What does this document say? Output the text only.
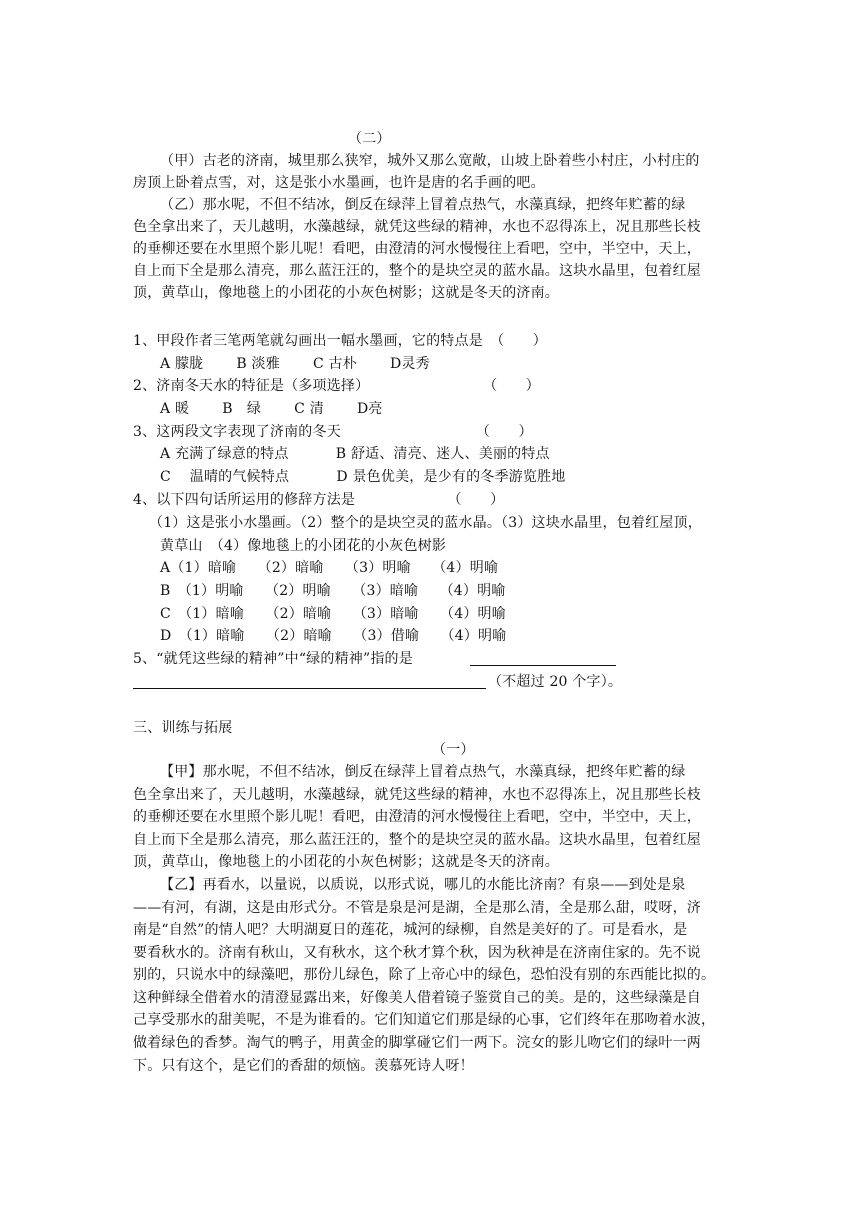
（二）
（甲）古老的济南，城里那么狭窄，城外又那么宽敞，山坡上卧着些小村庄，小村庄的
房顶上卧着点雪，对，这是张小水墨画，也许是唐的名手画的吧。
（乙）那水呢，不但不结冰，倒反在绿萍上冒着点热气，水藻真绿，把终年贮蓄的绿
色全拿出来了，天儿越明，水藻越绿，就凭这些绿的精神，水也不忍得冻上，况且那些长枝
的垂柳还要在水里照个影儿呢！看吧，由澄清的河水慢慢往上看吧，空中，半空中，天上，
自上而下全是那么清亮，那么蓝汪汪的，整个的是块空灵的蓝水晶。这块水晶里，包着红屋
顶，黄草山，像地毯上的小团花的小灰色树影；这就是冬天的济南。
1、甲段作者三笔两笔就勾画出一幅水墨画，它的特点是　（　　）
A 朦胧　　 B 淡雅　　 C 古朴　　 D灵秀
2、济南冬天水的特征是（多项选择）　　　　　　　　　（　　）
A 暖　　 B　绿　　 C 清　　 D亮
3、这两段文字表现了济南的冬天　　　　　　　　　　（　　）
A 充满了绿意的特点　　　 B 舒适、清亮、迷人、美丽的特点
C　 温晴的气候特点　　　 D 景色优美，是少有的冬季游览胜地
4、以下四句话所运用的修辞方法是　　　　　　　（　　）
（1）这是张小水墨画。（2）整个的是块空灵的蓝水晶。（3）这块水晶里，包着红屋顶，
黄草山　（4）像地毯上的小团花的小灰色树影
A（1）暗喻　　（2）暗喻　　（3）明喻　　（4）明喻
B　（1）明喻　　（2）明喻　　（3）暗喻　　（4）明喻
C　（1）暗喻　　（2）暗喻　　（3）暗喻　　（4）明喻
D　（1）暗喻　　（2）暗喻　　（3）借喻　　（4）明喻
5、“就凭这些绿的精神”中“绿的精神”指的是
（不超过 20 个字）。
三、训练与拓展
（一）
【甲】那水呢，不但不结冰，倒反在绿萍上冒着点热气，水藻真绿，把终年贮蓄的绿
色全拿出来了，天儿越明，水藻越绿，就凭这些绿的精神，水也不忍得冻上，况且那些长枝
的垂柳还要在水里照个影儿呢！看吧，由澄清的河水慢慢往上看吧，空中，半空中，天上，
自上而下全是那么清亮，那么蓝汪汪的，整个的是块空灵的蓝水晶。这块水晶里，包着红屋
顶，黄草山，像地毯上的小团花的小灰色树影；这就是冬天的济南。
【乙】再看水，以量说，以质说，以形式说，哪儿的水能比济南？有泉——到处是泉
——有河，有湖，这是由形式分。不管是泉是河是湖，全是那么清，全是那么甜，哎呀，济
南是“自然”的情人吧？大明湖夏日的莲花，城河的绿柳，自然是美好的了。可是看水，是
要看秋水的。济南有秋山，又有秋水，这个秋才算个秋，因为秋神是在济南住家的。先不说
别的，只说水中的绿藻吧，那份儿绿色，除了上帝心中的绿色，恐怕没有别的东西能比拟的。
这种鲜绿全借着水的清澄显露出来，好像美人借着镜子鉴赏自己的美。是的，这些绿藻是自
己享受那水的甜美呢，不是为谁看的。它们知道它们那是绿的心事，它们终年在那吻着水波，
做着绿色的香梦。淘气的鸭子，用黄金的脚掌碰它们一两下。浣女的影儿吻它们的绿叶一两
下。只有这个，是它们的香甜的烦恼。羡慕死诗人呀！
